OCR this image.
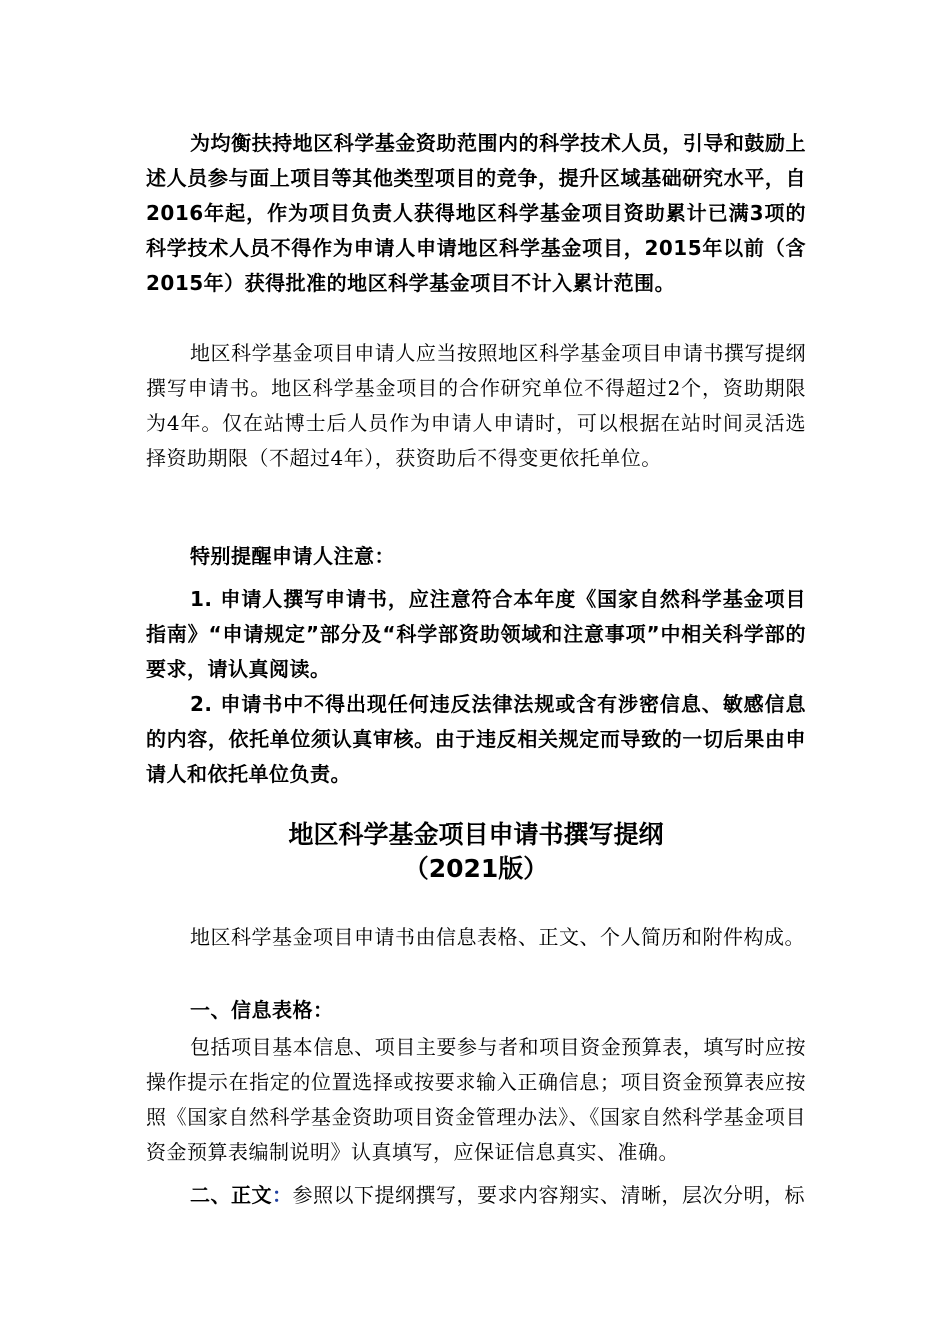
为均衡扶持地区科学基金资助范围内的科学技术人员，引导和鼓励上述人员参与面上项目等其他类型项目的竞争，提升区域基础研究水平，自2016年起，作为项目负责人获得地区科学基金项目资助累计已满3项的科学技术人员不得作为申请人申请地区科学基金项目，2015年以前（含2015年）获得批准的地区科学基金项目不计入累计范围。

地区科学基金项目申请人应当按照地区科学基金项目申请书撰写提纲撰写申请书。地区科学基金项目的合作研究单位不得超过2个，资助期限为4年。仅在站博士后人员作为申请人申请时，可以根据在站时间灵活选择资助期限（不超过4年），获资助后不得变更依托单位。

特别提醒申请人注意：

1. 申请人撰写申请书，应注意符合本年度《国家自然科学基金项目指南》“申请规定”部分及“科学部资助领域和注意事项”中相关科学部的要求，请认真阅读。

2. 申请书中不得出现任何违反法律法规或含有涉密信息、敏感信息的内容，依托单位须认真审核。由于违反相关规定而导致的一切后果由申请人和依托单位负责。

地区科学基金项目申请书撰写提纲

（2021版）

地区科学基金项目申请书由信息表格、正文、个人简历和附件构成。

一、信息表格：

包括项目基本信息、项目主要参与者和项目资金预算表，填写时应按操作提示在指定的位置选择或按要求输入正确信息；项目资金预算表应按照《国家自然科学基金资助项目资金管理办法》、《国家自然科学基金项目资金预算表编制说明》认真填写，应保证信息真实、准确。

二、正文：参照以下提纲撰写，要求内容翔实、清晰，层次分明，标
